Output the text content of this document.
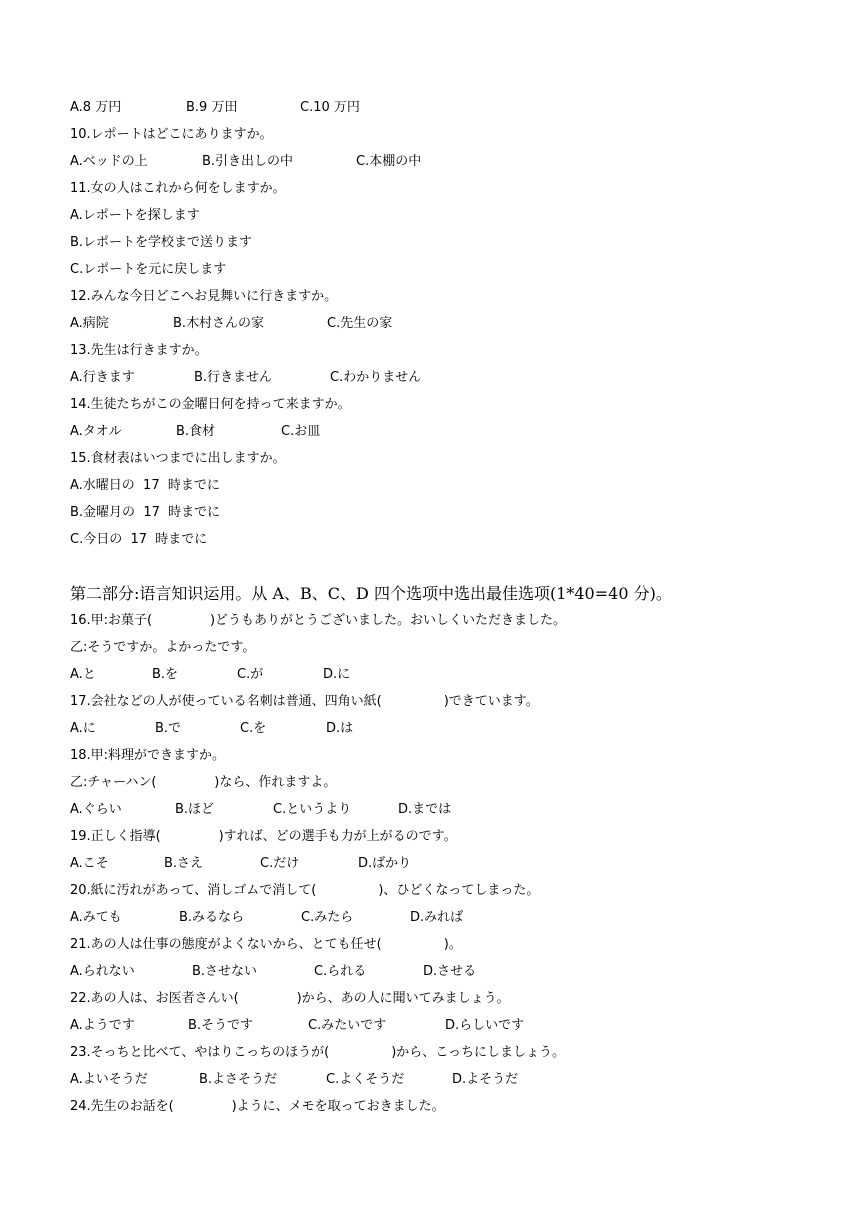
A.8 万円

	B.9 万田

	C.10 万円

10.レポートはどこにありますか。

A.ベッドの上

	B.引き出しの中

	C.本棚の中

11.女の人はこれから何をしますか。
A.レポートを探します
B.レポートを学校まで送ります
C.レポートを元に戻します
12.みんな今日どこへお見舞いに行きますか。

A.病院

	B.木村さんの家

	C.先生の家

13.先生は行きますか。

A.行きます

	B.行きません

	C.わかりません

14.生徒たちがこの金曜日何を持って来ますか。

A.タオル

	B.食材

	C.お皿

15.食材表はいつまでに出しますか。
A.水曜日の  17  時までに
B.金曜月の  17  時までに
C.今日の  17  時までに
第二部分:语言知识运用。从 A、B、C、D 四个选项中选出最佳选项(1*40=40 分)。
16.甲:お菓子(              )どうもありがとうございました。おいしくいただきました。
乙:そうですか。よかったです。

A.と

	B.を

	C.が

	D.に

17.会社などの人が使っている名刺は普通、四角い紙(               )できています。

A.に

	B.で

	C.を

	D.は

18.甲:料理ができますか。
乙:チャーハン(              )なら、作れますよ。

A.ぐらい

	B.ほど

	C.というより

	D.までは

19.正しく指導(              )すれば、どの選手も力が上がるのです。

A.こそ

	B.さえ

	C.だけ

	D.ばかり

20.紙に汚れがあって、消しゴムで消して(               )、ひどくなってしまった。

A.みても

	B.みるなら

	C.みたら

	D.みれば

21.あの人は仕事の態度がよくないから、とても任せ(               )。

A.られない

	B.させない

	C.られる

	D.させる

22.あの人は、お医者さんい(              )から、あの人に聞いてみましょう。

A.ようです

	B.そうです

	C.みたいです

	D.らしいです

23.そっちと比べて、やはりこっちのほうが(               )から、こっちにしましょう。

A.よいそうだ

	B.よさそうだ

	C.よくそうだ

	D.よそうだ

24.先生のお話を(              )ように、メモを取っておきました。
